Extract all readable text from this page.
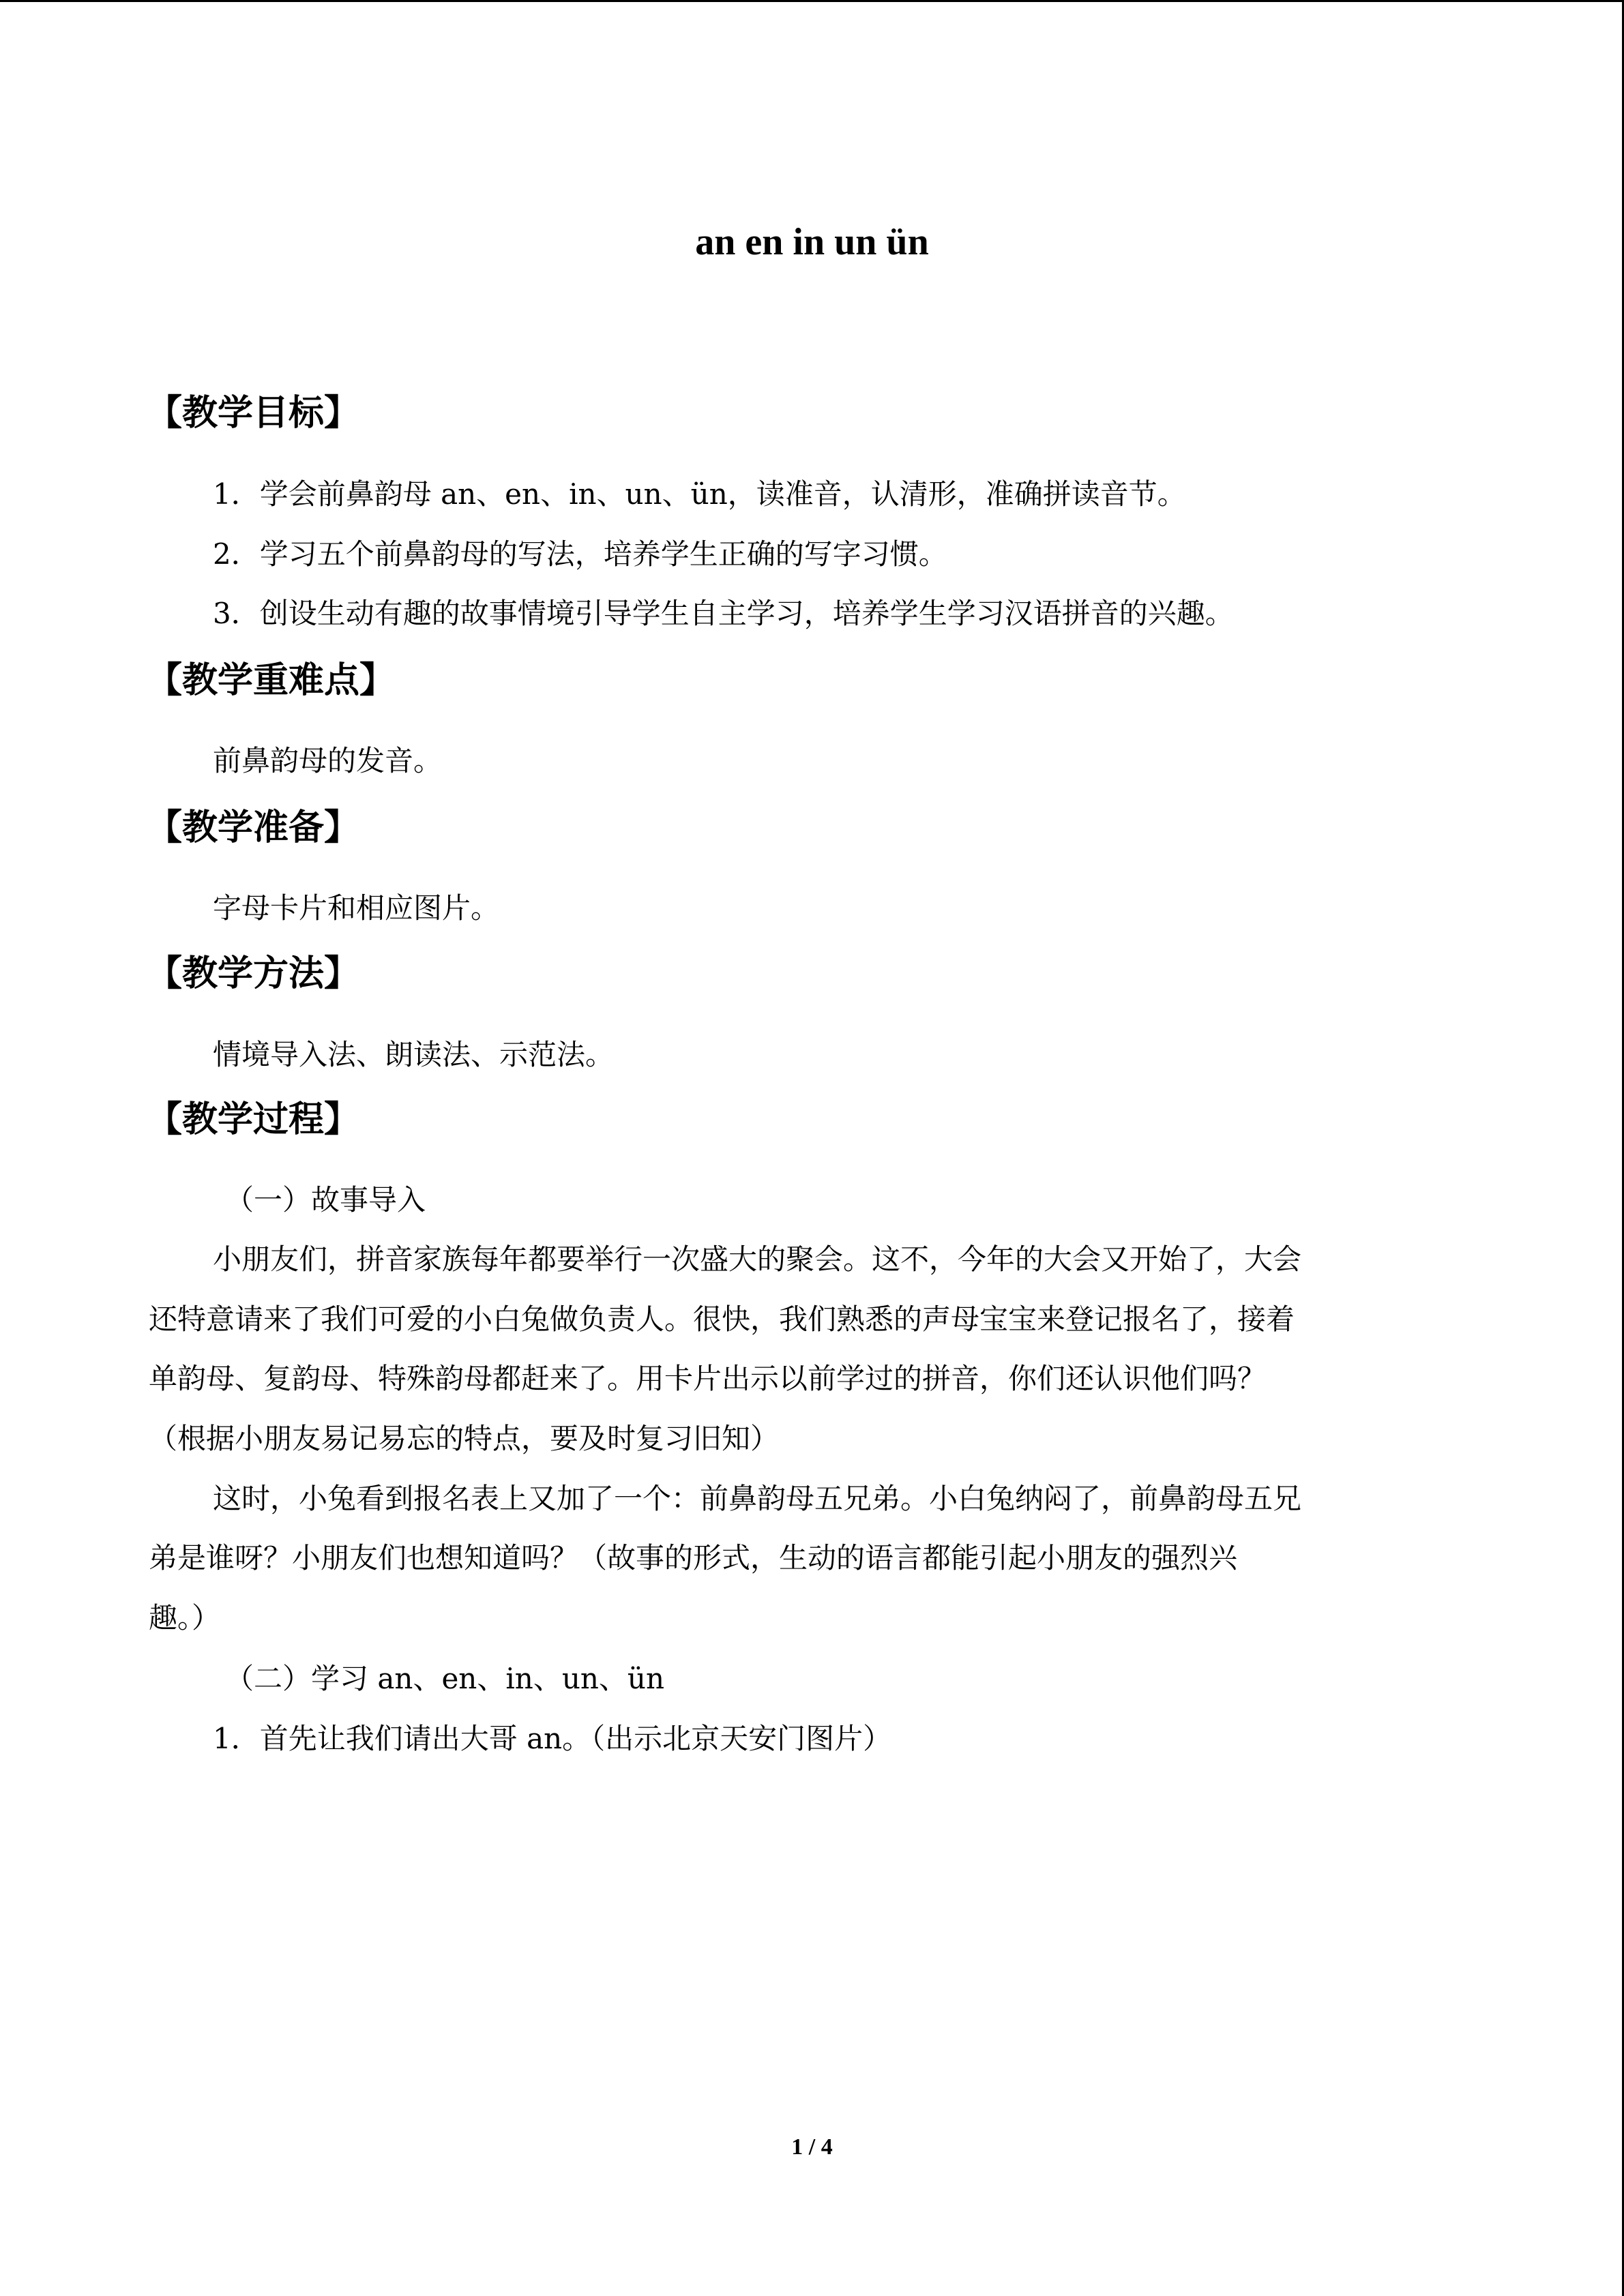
an en in un ün
【教学目标】
1．学会前鼻韵母 an、en、in、un、ün，读准音，认清形，准确拼读音节。
2．学习五个前鼻韵母的写法，培养学生正确的写字习惯。
3．创设生动有趣的故事情境引导学生自主学习，培养学生学习汉语拼音的兴趣。
【教学重难点】
前鼻韵母的发音。
【教学准备】
字母卡片和相应图片。
【教学方法】
情境导入法、朗读法、示范法。
【教学过程】
（一）故事导入
小朋友们，拼音家族每年都要举行一次盛大的聚会。这不，今年的大会又开始了，大会
还特意请来了我们可爱的小白兔做负责人。很快，我们熟悉的声母宝宝来登记报名了，接着
单韵母、复韵母、特殊韵母都赶来了。用卡片出示以前学过的拼音，你们还认识他们吗？
（根据小朋友易记易忘的特点，要及时复习旧知）
这时，小兔看到报名表上又加了一个：前鼻韵母五兄弟。小白兔纳闷了，前鼻韵母五兄
弟是谁呀？小朋友们也想知道吗？（故事的形式，生动的语言都能引起小朋友的强烈兴
趣。）
（二）学习 an、en、in、un、ün
1．首先让我们请出大哥 an。（出示北京天安门图片）
1 / 4
